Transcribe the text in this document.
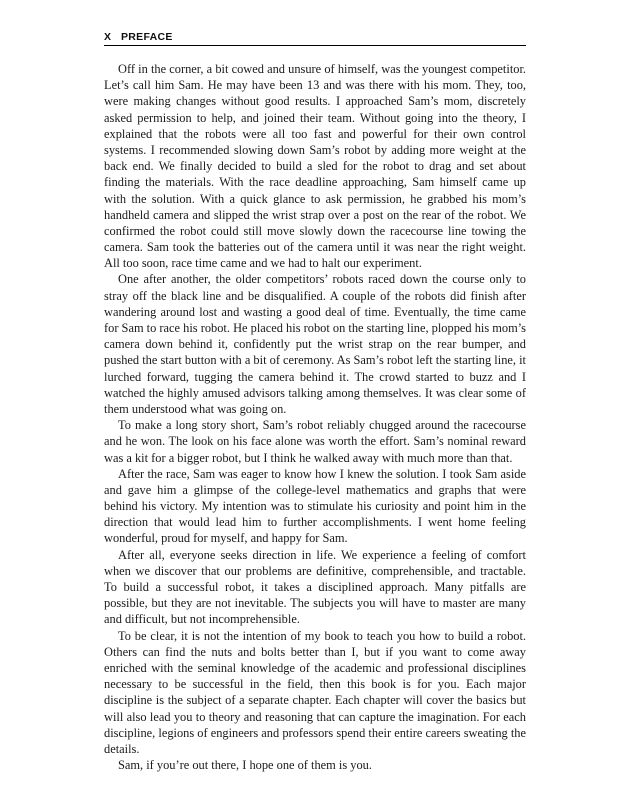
X PREFACE

Off in the corner, a bit cowed and unsure of himself, was the youngest competitor. Let’s call him Sam. He may have been 13 and was there with his mom. They, too, were making changes without good results. I approached Sam’s mom, discretely asked permission to help, and joined their team. Without going into the theory, I explained that the robots were all too fast and powerful for their own control systems. I recommended slowing down Sam’s robot by adding more weight at the back end. We finally decided to build a sled for the robot to drag and set about finding the materials. With the race deadline approaching, Sam himself came up with the solution. With a quick glance to ask permission, he grabbed his mom’s handheld camera and slipped the wrist strap over a post on the rear of the robot. We confirmed the robot could still move slowly down the racecourse line towing the camera. Sam took the batteries out of the camera until it was near the right weight. All too soon, race time came and we had to halt our experiment.

One after another, the older competitors’ robots raced down the course only to stray off the black line and be disqualified. A couple of the robots did finish after wandering around lost and wasting a good deal of time. Eventually, the time came for Sam to race his robot. He placed his robot on the starting line, plopped his mom’s camera down behind it, confidently put the wrist strap on the rear bumper, and pushed the start button with a bit of ceremony. As Sam’s robot left the starting line, it lurched forward, tugging the camera behind it. The crowd started to buzz and I watched the highly amused advisors talking among themselves. It was clear some of them understood what was going on.

To make a long story short, Sam’s robot reliably chugged around the racecourse and he won. The look on his face alone was worth the effort. Sam’s nominal reward was a kit for a bigger robot, but I think he walked away with much more than that.

After the race, Sam was eager to know how I knew the solution. I took Sam aside and gave him a glimpse of the college-level mathematics and graphs that were behind his victory. My intention was to stimulate his curiosity and point him in the direction that would lead him to further accomplishments. I went home feeling wonderful, proud for myself, and happy for Sam.

After all, everyone seeks direction in life. We experience a feeling of comfort when we discover that our problems are definitive, comprehensible, and tractable. To build a successful robot, it takes a disciplined approach. Many pitfalls are possible, but they are not inevitable. The subjects you will have to master are many and difficult, but not incomprehensible.

To be clear, it is not the intention of my book to teach you how to build a robot. Others can find the nuts and bolts better than I, but if you want to come away enriched with the seminal knowledge of the academic and professional disciplines necessary to be successful in the field, then this book is for you. Each major discipline is the subject of a separate chapter. Each chapter will cover the basics but will also lead you to theory and reasoning that can capture the imagination. For each discipline, legions of engineers and professors spend their entire careers sweating the details.

Sam, if you’re out there, I hope one of them is you.
